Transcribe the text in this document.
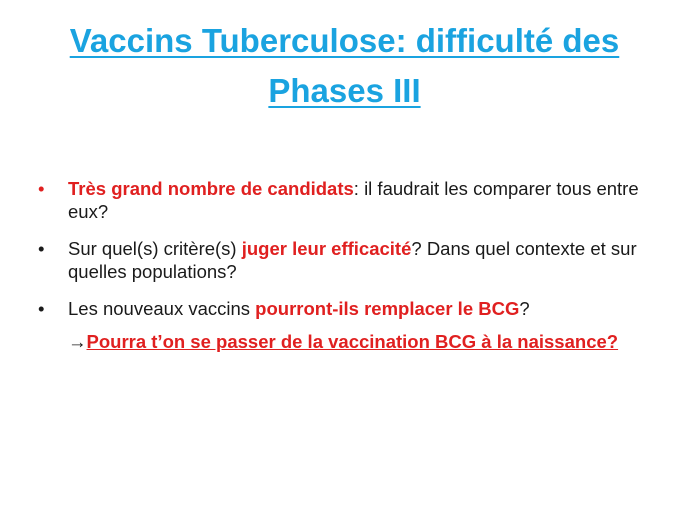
Vaccins Tuberculose: difficulté des
Phases III
• Très grand nombre de candidats: il faudrait les comparer tous entre eux?
• Sur quel(s) critère(s) juger leur efficacité? Dans quel contexte et sur quelles populations?
• Les nouveaux vaccins pourront-ils remplacer le BCG?
→Pourra t’on se passer de la vaccination BCG à la naissance?
